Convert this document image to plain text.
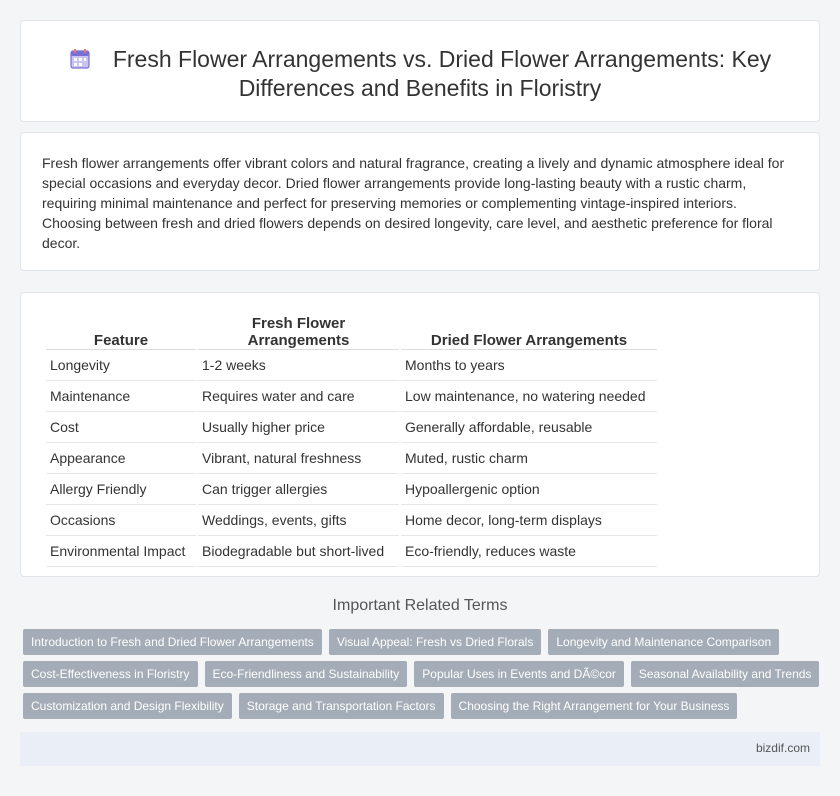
Fresh Flower Arrangements vs. Dried Flower Arrangements: Key Differences and Benefits in Floristry

Fresh flower arrangements offer vibrant colors and natural fragrance, creating a lively and dynamic atmosphere ideal for special occasions and everyday decor. Dried flower arrangements provide long-lasting beauty with a rustic charm, requiring minimal maintenance and perfect for preserving memories or complementing vintage-inspired interiors. Choosing between fresh and dried flowers depends on desired longevity, care level, and aesthetic preference for floral decor.

Feature	Fresh Flower Arrangements	Dried Flower Arrangements
Longevity	1-2 weeks	Months to years
Maintenance	Requires water and care	Low maintenance, no watering needed
Cost	Usually higher price	Generally affordable, reusable
Appearance	Vibrant, natural freshness	Muted, rustic charm
Allergy Friendly	Can trigger allergies	Hypoallergenic option
Occasions	Weddings, events, gifts	Home decor, long-term displays
Environmental Impact	Biodegradable but short-lived	Eco-friendly, reduces waste
Important Related Terms
Introduction to Fresh and Dried Flower Arrangements Visual Appeal: Fresh vs Dried Florals Longevity and Maintenance Comparison
Cost-Effectiveness in Floristry Eco-Friendliness and Sustainability Popular Uses in Events and DÃ©cor Seasonal Availability and Trends
Customization and Design Flexibility Storage and Transportation Factors Choosing the Right Arrangement for Your Business
bizdif.com
